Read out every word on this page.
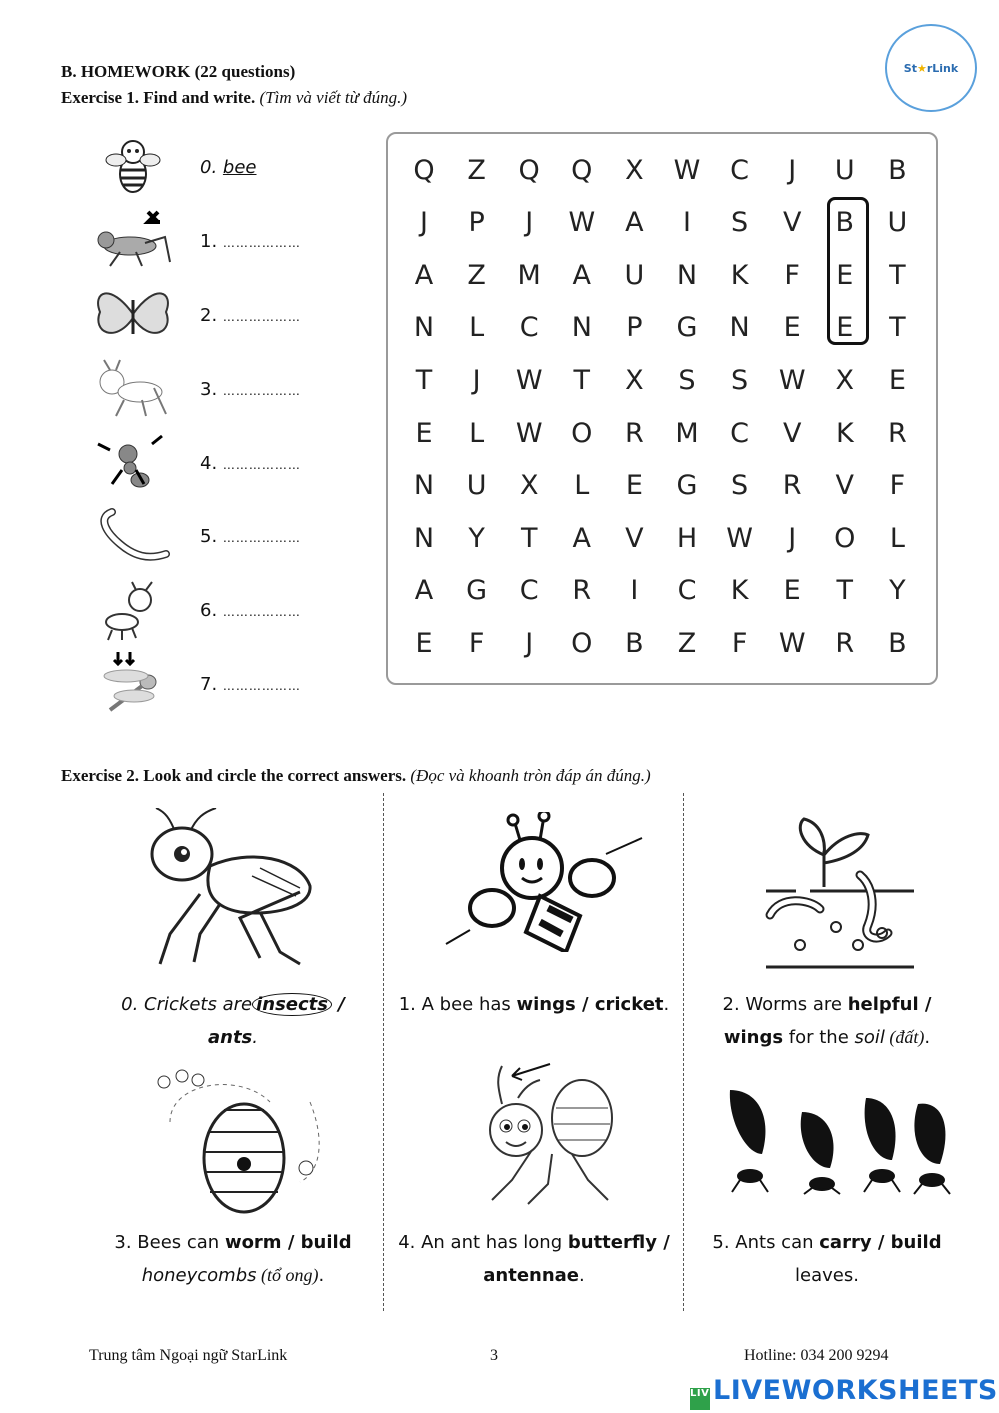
B. HOMEWORK (22 questions)
Exercise 1. Find and write. (Tìm và viết từ đúng.)
St ★ rLink
0. bee
1. ………………
2. ………………
3. ………………
4. ………………
5. ………………
6. ………………
7. ………………
Q	Z	Q	Q	X	W	C	J	U	B
J	P	J	W	A	I	S	V	B	U
A	Z	M	A	U	N	K	F	E	T
N	L	C	N	P	G	N	E	E	T
T	J	W	T	X	S	S	W	X	E
E	L	W	O	R	M	C	V	K	R
N	U	X	L	E	G	S	R	V	F
N	Y	T	A	V	H	W	J	O	L
A	G	C	R	I	C	K	E	T	Y
E	F	J	O	B	Z	F	W	R	B
Exercise 2. Look and circle the correct answers. (Đọc và khoanh tròn đáp án đúng.)
0. Crickets are insects /
ants.
1. A bee has wings / cricket.	2. Worms are helpful /
wings for the soil (đất).
3. Bees can worm / build
honeycombs (tổ ong).
4. An ant has long butterfly /
antennae.
5. Ants can carry / build
leaves.
Trung tâm Ngoại ngữ StarLink	3	Hotline: 034 200 9294
LIVELIVEWORKSHEETS
